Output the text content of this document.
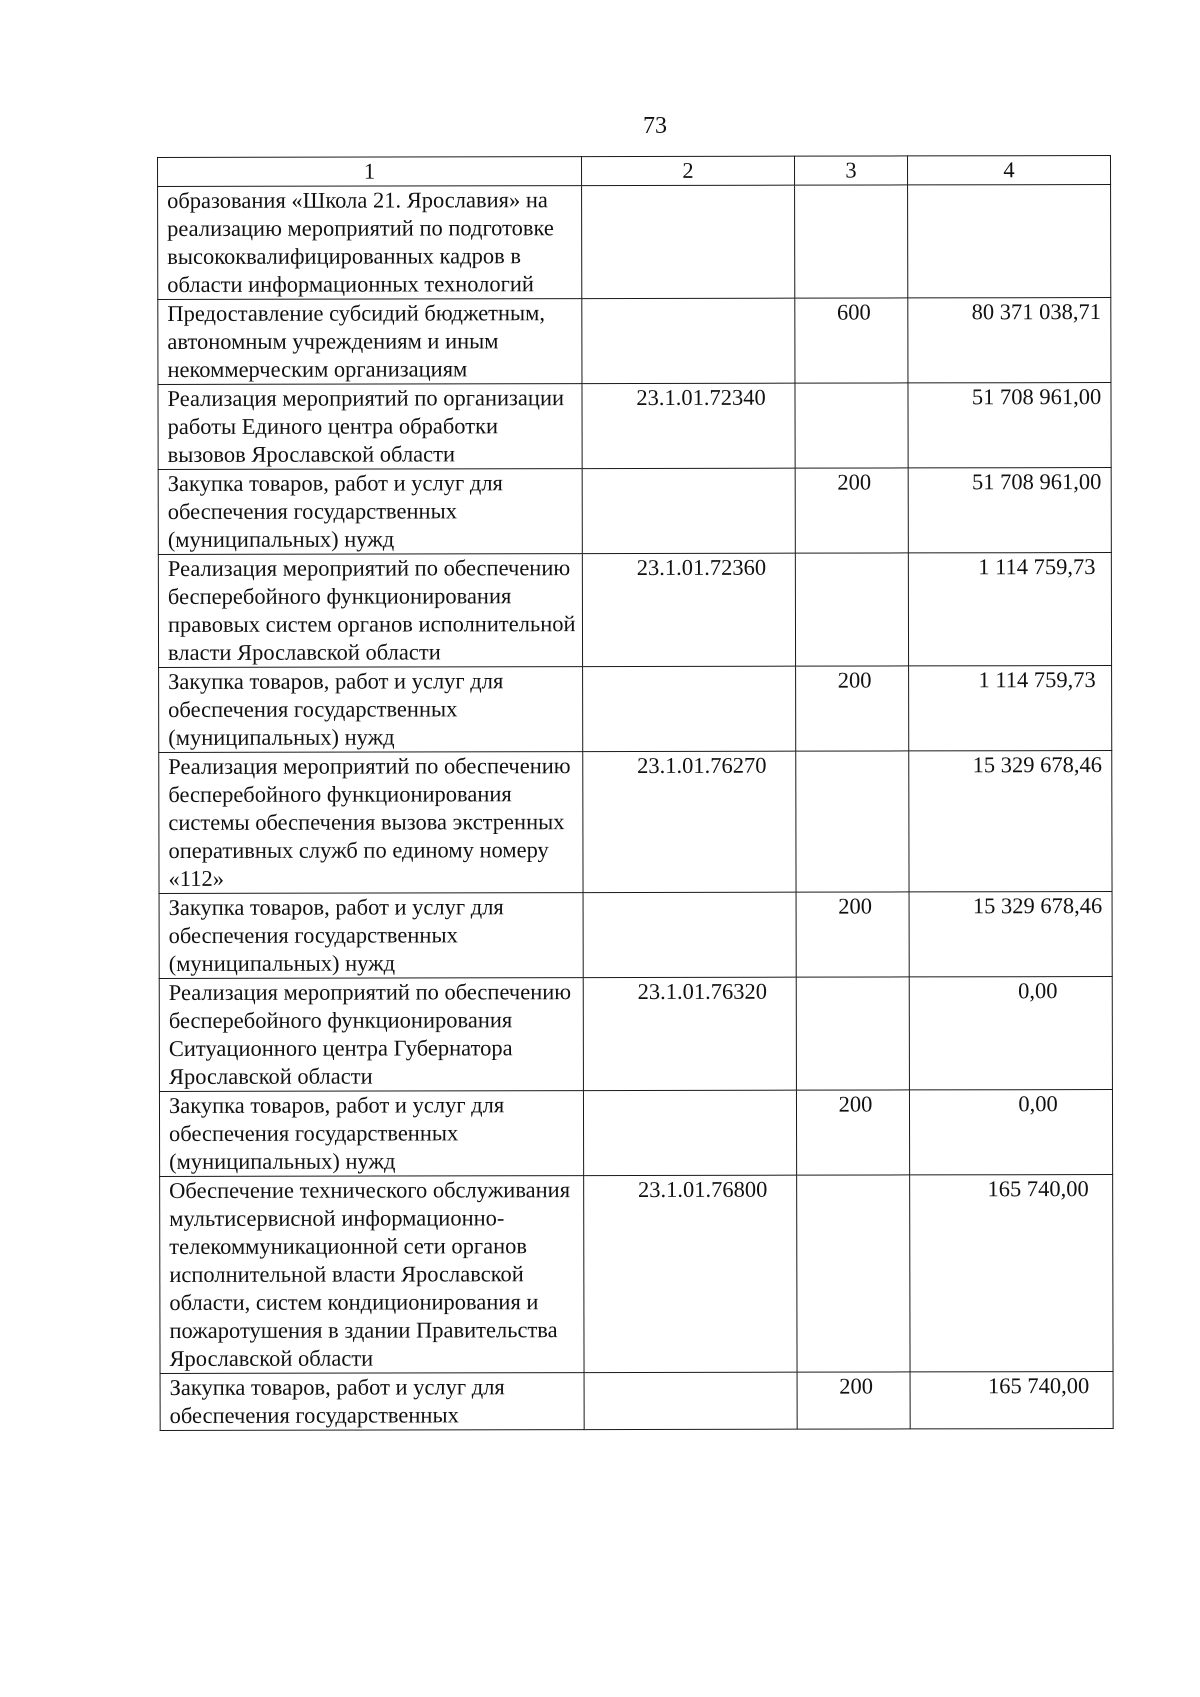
73
1	2	3	4
образования «Школа 21. Ярославия» на реализацию мероприятий по подготовке высококвалифицированных кадров в области информационных технологий			
Предоставление субсидий бюджетным, автономным учреждениям и иным некоммерческим организациям		600	80 371 038,71
Реализация мероприятий по организации работы Единого центра обработки вызовов Ярославской области	23.1.01.72340		51 708 961,00
Закупка товаров, работ и услуг для обеспечения государственных (муниципальных) нужд		200	51 708 961,00
Реализация мероприятий по обеспечению бесперебойного функционирования правовых систем органов исполнительной власти Ярославской области	23.1.01.72360		1 114 759,73
Закупка товаров, работ и услуг для обеспечения государственных (муниципальных) нужд		200	1 114 759,73
Реализация мероприятий по обеспечению бесперебойного функционирования системы обеспечения вызова экстренных оперативных служб по единому номеру «112»	23.1.01.76270		15 329 678,46
Закупка товаров, работ и услуг для обеспечения государственных (муниципальных) нужд		200	15 329 678,46
Реализация мероприятий по обеспечению бесперебойного функционирования Ситуационного центра Губернатора Ярославской области	23.1.01.76320		0,00
Закупка товаров, работ и услуг для обеспечения государственных (муниципальных) нужд		200	0,00
Обеспечение технического обслуживания мультисервисной информационно-телекоммуникационной сети органов исполнительной власти Ярославской области, систем кондиционирования и пожаротушения в здании Правительства Ярославской области	23.1.01.76800		165 740,00
Закупка товаров, работ и услуг для обеспечения государственных		200	165 740,00
